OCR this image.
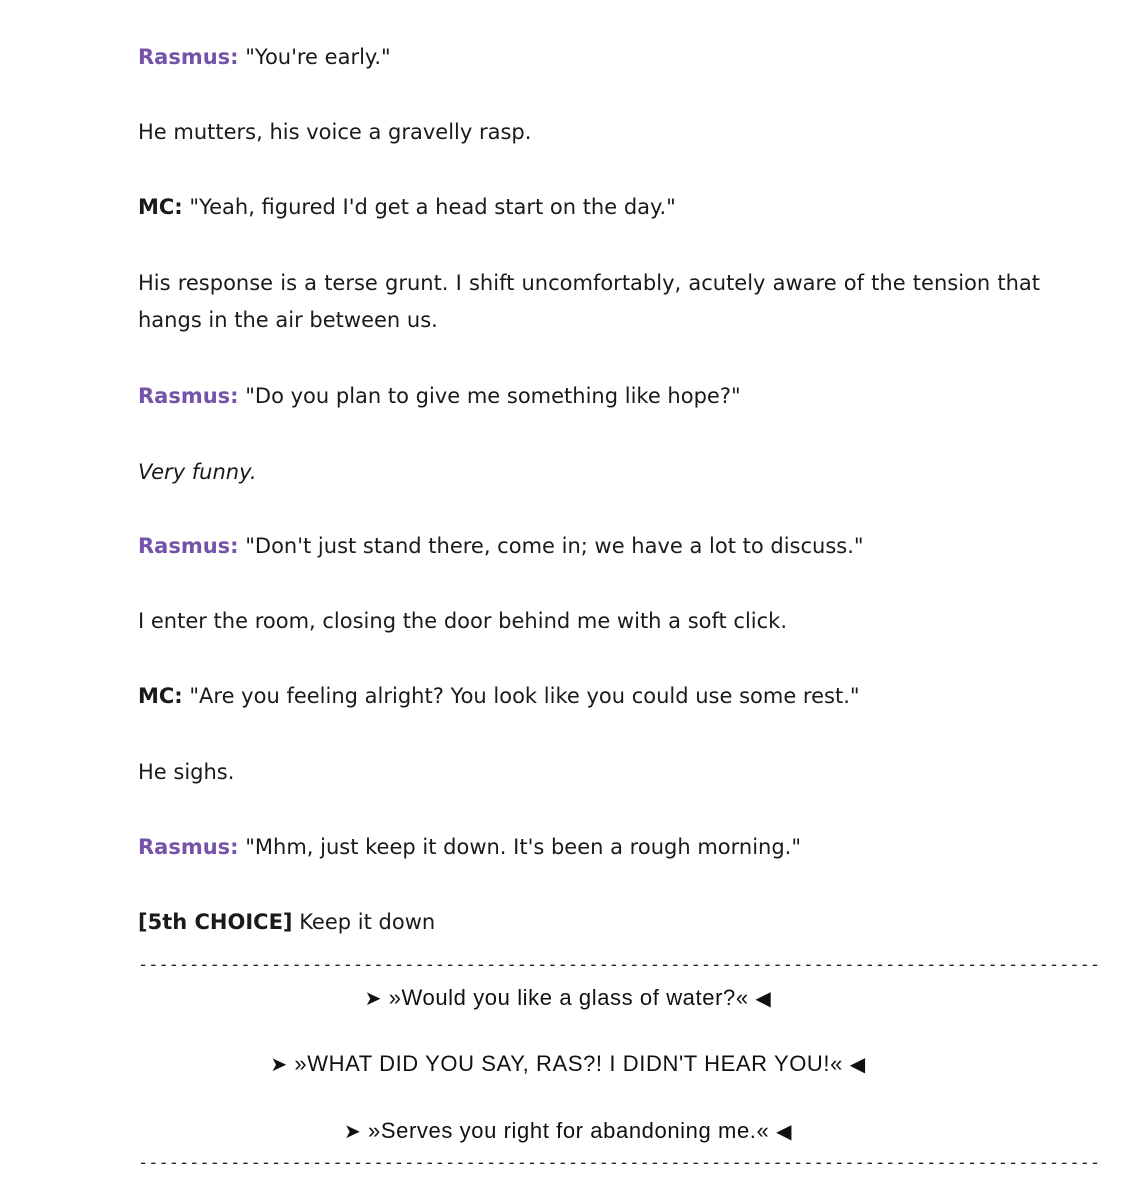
Rasmus: "You're early."
He mutters, his voice a gravelly rasp.
MC: "Yeah, figured I'd get a head start on the day."
His response is a terse grunt. I shift uncomfortably, acutely aware of the tension that hangs in the air between us.
Rasmus: "Do you plan to give me something like hope?"
Very funny.
Rasmus: "Don't just stand there, come in; we have a lot to discuss."
I enter the room, closing the door behind me with a soft click.
MC: "Are you feeling alright? You look like you could use some rest."
He sighs.
Rasmus: "Mhm, just keep it down. It's been a rough morning."
[5th CHOICE] Keep it down
----------------------------------------------------------------------------------------------
➤ »Would you like a glass of water?« ◀
➤ »WHAT DID YOU SAY, RAS?! I DIDN'T HEAR YOU!« ◀
➤ »Serves you right for abandoning me.« ◀
----------------------------------------------------------------------------------------------
